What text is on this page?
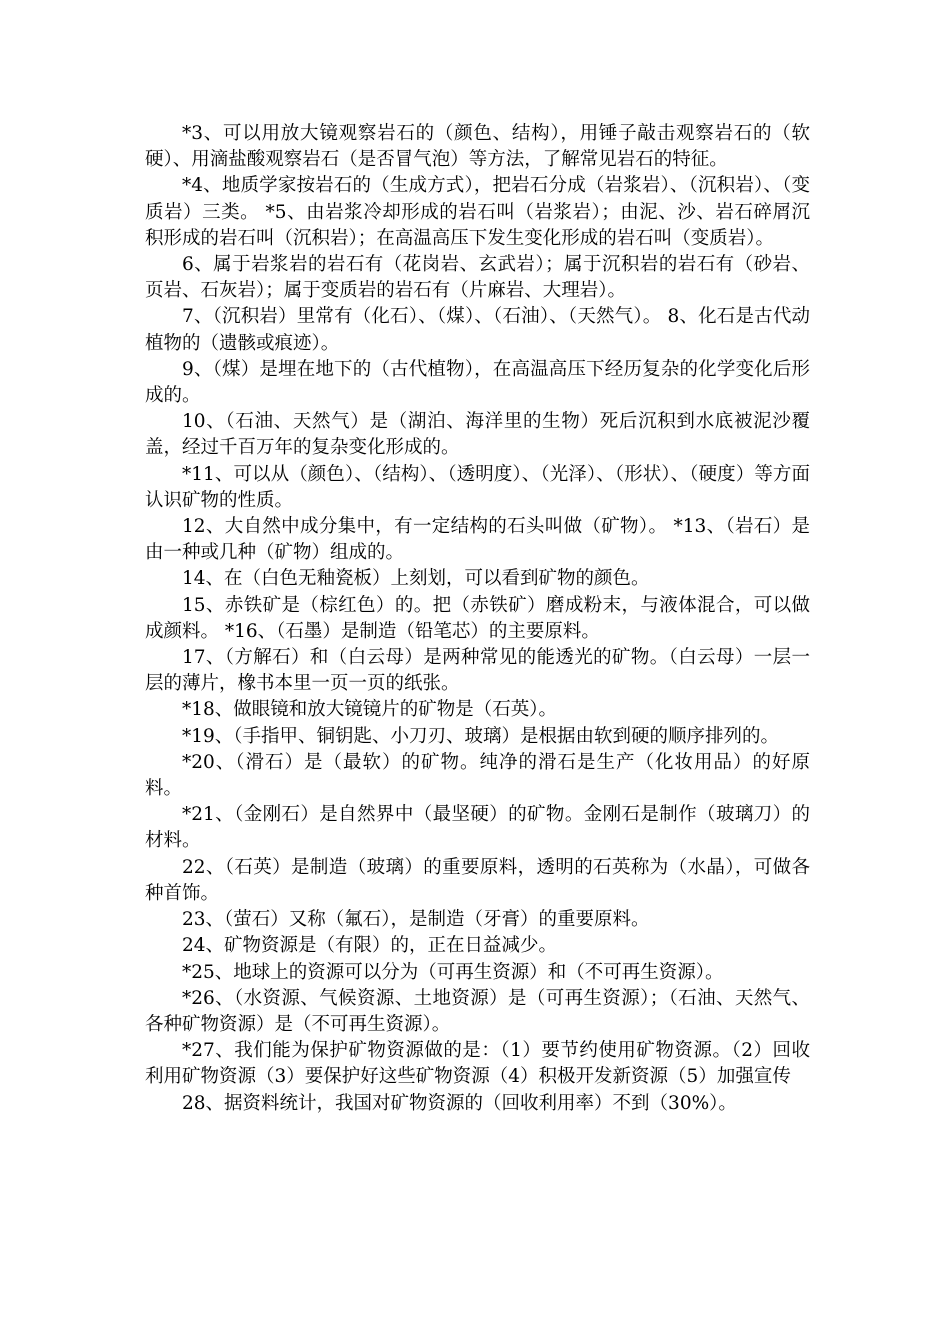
*3、可以用放大镜观察岩石的（颜色、结构），用锤子敲击观察岩石的（软硬）、用滴盐酸观察岩石（是否冒气泡）等方法，了解常见岩石的特征。

*4、地质学家按岩石的（生成方式），把岩石分成（岩浆岩）、（沉积岩）、（变质岩）三类。 *5、由岩浆冷却形成的岩石叫（岩浆岩）；由泥、沙、岩石碎屑沉积形成的岩石叫（沉积岩）；在高温高压下发生变化形成的岩石叫（变质岩）。

6、属于岩浆岩的岩石有（花岗岩、玄武岩）；属于沉积岩的岩石有（砂岩、页岩、石灰岩）；属于变质岩的岩石有（片麻岩、大理岩）。

7、（沉积岩）里常有（化石）、（煤）、（石油）、（天然气）。 8、化石是古代动植物的（遗骸或痕迹）。

9、（煤）是埋在地下的（古代植物），在高温高压下经历复杂的化学变化后形成的。

10、（石油、天然气）是（湖泊、海洋里的生物）死后沉积到水底被泥沙覆盖，经过千百万年的复杂变化形成的。

*11、可以从（颜色）、（结构）、（透明度）、（光泽）、（形状）、（硬度）等方面认识矿物的性质。

12、大自然中成分集中，有一定结构的石头叫做（矿物）。 *13、（岩石）是由一种或几种（矿物）组成的。

14、在（白色无釉瓷板）上刻划，可以看到矿物的颜色。

15、赤铁矿是（棕红色）的。把（赤铁矿）磨成粉末，与液体混合，可以做成颜料。 *16、（石墨）是制造（铅笔芯）的主要原料。

17、（方解石）和（白云母）是两种常见的能透光的矿物。（白云母）一层一层的薄片，橡书本里一页一页的纸张。

*18、做眼镜和放大镜镜片的矿物是（石英）。

*19、（手指甲、铜钥匙、小刀刃、玻璃）是根据由软到硬的顺序排列的。

*20、（滑石）是（最软）的矿物。纯净的滑石是生产（化妆用品）的好原料。

*21、（金刚石）是自然界中（最坚硬）的矿物。金刚石是制作（玻璃刀）的材料。

22、（石英）是制造（玻璃）的重要原料，透明的石英称为（水晶），可做各种首饰。

23、（萤石）又称（氟石），是制造（牙膏）的重要原料。

24、矿物资源是（有限）的，正在日益减少。

*25、地球上的资源可以分为（可再生资源）和（不可再生资源）。

*26、（水资源、气候资源、土地资源）是（可再生资源）；（石油、天然气、各种矿物资源）是（不可再生资源）。

*27、我们能为保护矿物资源做的是：（1）要节约使用矿物资源。（2）回收利用矿物资源（3）要保护好这些矿物资源（4）积极开发新资源（5）加强宣传

28、据资料统计，我国对矿物资源的（回收利用率）不到（30%）。
